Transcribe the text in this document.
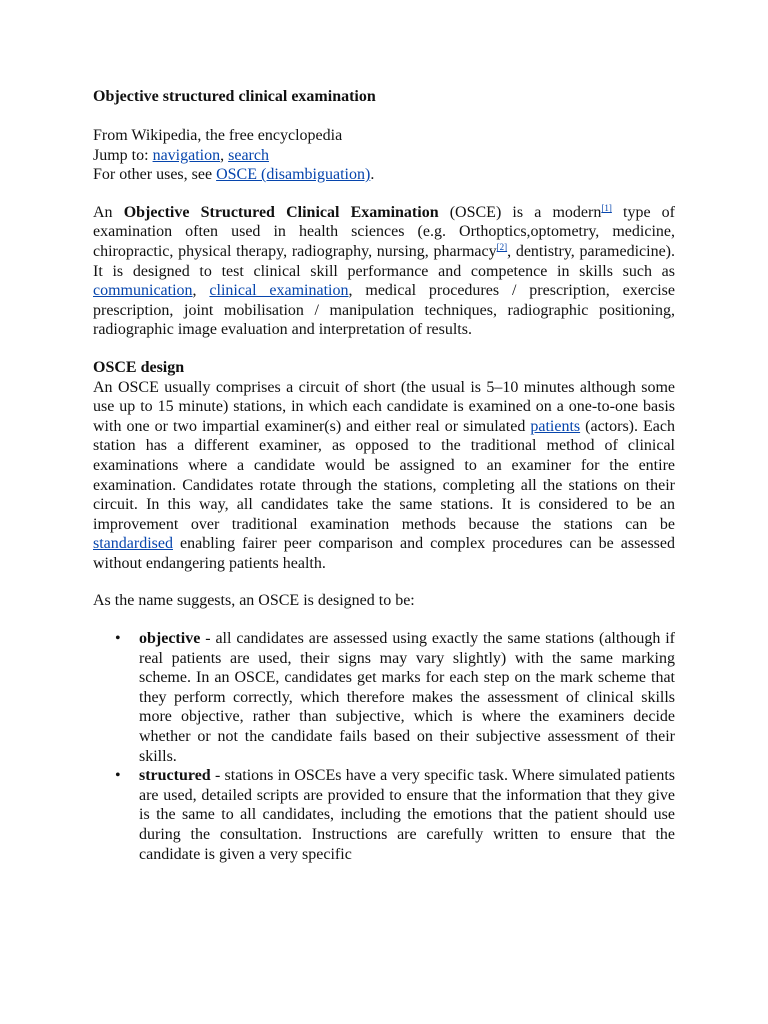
Objective structured clinical examination
From Wikipedia, the free encyclopedia
Jump to: navigation, search
For other uses, see OSCE (disambiguation).

An Objective Structured Clinical Examination (OSCE) is a modern[1] type of examination often used in health sciences (e.g. Orthoptics,optometry, medicine, chiropractic, physical therapy, radiography, nursing, pharmacy[2], dentistry, paramedicine). It is designed to test clinical skill performance and competence in skills such as communication, clinical examination, medical procedures / prescription, exercise prescription, joint mobilisation / manipulation techniques, radiographic positioning, radiographic image evaluation and interpretation of results.

OSCE design

An OSCE usually comprises a circuit of short (the usual is 5–10 minutes although some use up to 15 minute) stations, in which each candidate is examined on a one-to-one basis with one or two impartial examiner(s) and either real or simulated patients (actors). Each station has a different examiner, as opposed to the traditional method of clinical examinations where a candidate would be assigned to an examiner for the entire examination. Candidates rotate through the stations, completing all the stations on their circuit. In this way, all candidates take the same stations. It is considered to be an improvement over traditional examination methods because the stations can be standardised enabling fairer peer comparison and complex procedures can be assessed without endangering patients health.

As the name suggests, an OSCE is designed to be:

• objective - all candidates are assessed using exactly the same stations (although if real patients are used, their signs may vary slightly) with the same marking scheme. In an OSCE, candidates get marks for each step on the mark scheme that they perform correctly, which therefore makes the assessment of clinical skills more objective, rather than subjective, which is where the examiners decide whether or not the candidate fails based on their subjective assessment of their skills.
• structured - stations in OSCEs have a very specific task. Where simulated patients are used, detailed scripts are provided to ensure that the information that they give is the same to all candidates, including the emotions that the patient should use during the consultation. Instructions are carefully written to ensure that the candidate is given a very specific
